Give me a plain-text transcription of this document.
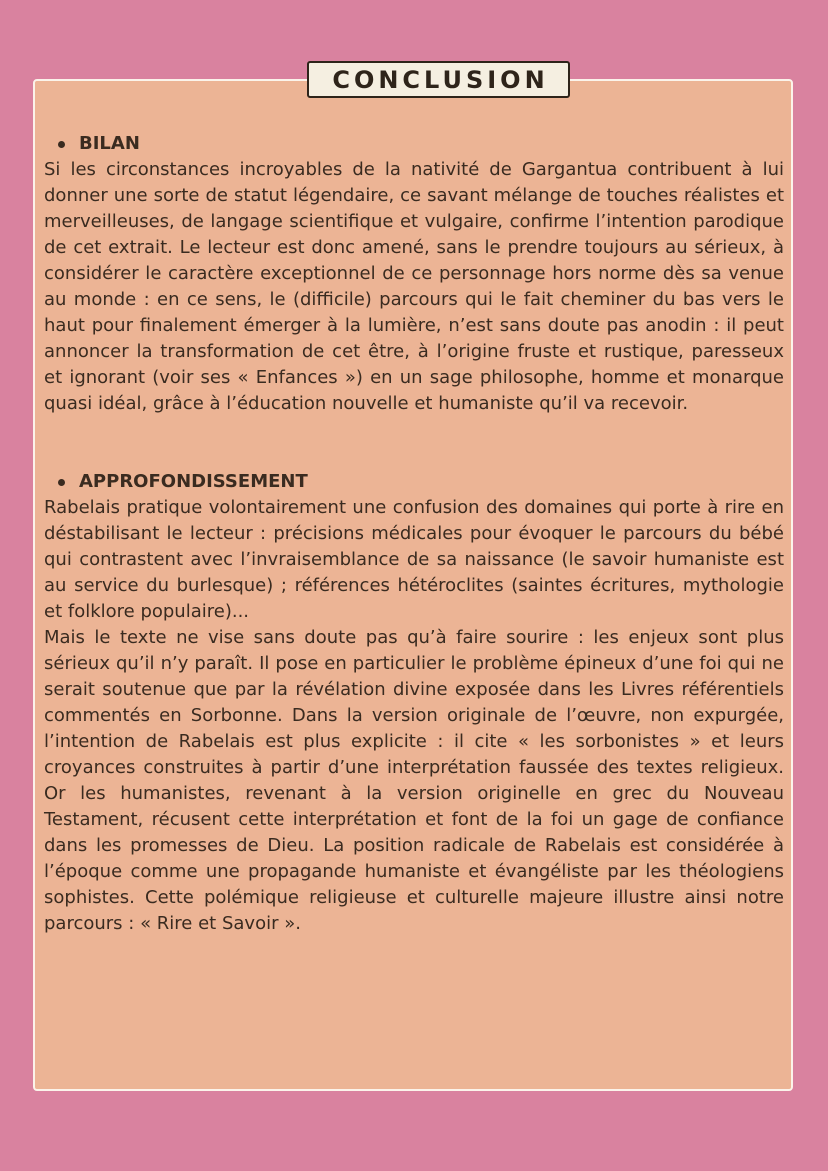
CONCLUSION
BILAN

Si les circonstances incroyables de la nativité de Gargantua contribuent à lui donner une sorte de statut légendaire, ce savant mélange de touches réalistes et merveilleuses, de langage scientifique et vulgaire, confirme l’intention parodique de cet extrait. Le lecteur est donc amené, sans le prendre toujours au sérieux, à considérer le caractère exceptionnel de ce personnage hors norme dès sa venue au monde : en ce sens, le (difficile) parcours qui le fait cheminer du bas vers le haut pour finalement émerger à la lumière, n’est sans doute pas anodin : il peut annoncer la transformation de cet être, à l’origine fruste et rustique, paresseux et ignorant (voir ses « Enfances ») en un sage philosophe, homme et monarque quasi idéal, grâce à l’éducation nouvelle et humaniste qu’il va recevoir.

APPROFONDISSEMENT

Rabelais pratique volontairement une confusion des domaines qui porte à rire en déstabilisant le lecteur : précisions médicales pour évoquer le parcours du bébé qui contrastent avec l’invraisemblance de sa naissance (le savoir humaniste est au service du burlesque) ; références hétéroclites (saintes écritures, mythologie et folklore populaire)...

Mais le texte ne vise sans doute pas qu’à faire sourire : les enjeux sont plus sérieux qu’il n’y paraît. Il pose en particulier le problème épineux d’une foi qui ne serait soutenue que par la révélation divine exposée dans les Livres référentiels commentés en Sorbonne. Dans la version originale de l’œuvre, non expurgée, l’intention de Rabelais est plus explicite : il cite « les sorbonistes » et leurs croyances construites à partir d’une interprétation faussée des textes religieux. Or les humanistes, revenant à la version originelle en grec du Nouveau Testament, récusent cette interprétation et font de la foi un gage de confiance dans les promesses de Dieu. La position radicale de Rabelais est considérée à l’époque comme une propagande humaniste et évangéliste par les théologiens sophistes. Cette polémique religieuse et culturelle majeure illustre ainsi notre parcours : « Rire et Savoir ».
